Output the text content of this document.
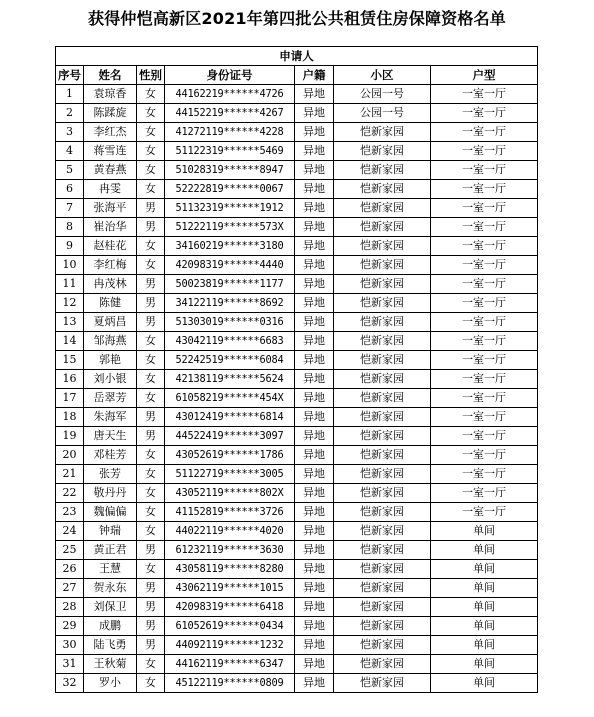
获得仲恺高新区2021年第四批公共租赁住房保障资格名单
申请人						
序号	姓名	性别	身份证号	户籍	小区	户型
1	袁琼香	女	44162219******4726	异地	公园一号	一室一厅
2	陈蹂旋	女	44152219******4267	异地	公园一号	一室一厅
3	李红杰	女	41272119******4228	异地	恺新家园	一室一厅
4	蒋雪连	女	51122319******5469	异地	恺新家园	一室一厅
5	黄春燕	女	51028319******8947	异地	恺新家园	一室一厅
6	冉雯	女	52222819******0067	异地	恺新家园	一室一厅
7	张海平	男	51132319******1912	异地	恺新家园	一室一厅
8	崔治华	男	51222119******573X	异地	恺新家园	一室一厅
9	赵桂花	女	34160219******3180	异地	恺新家园	一室一厅
10	李红梅	女	42098319******4440	异地	恺新家园	一室一厅
11	冉茂林	男	50023819******1177	异地	恺新家园	一室一厅
12	陈健	男	34122119******8692	异地	恺新家园	一室一厅
13	夏炳昌	男	51303019******0316	异地	恺新家园	一室一厅
14	邹海燕	女	43042119******6683	异地	恺新家园	一室一厅
15	郭艳	女	52242519******6084	异地	恺新家园	一室一厅
16	刘小银	女	42138119******5624	异地	恺新家园	一室一厅
17	岳翠芳	女	61058219******454X	异地	恺新家园	一室一厅
18	朱海军	男	43012419******6814	异地	恺新家园	一室一厅
19	唐天生	男	44522419******3097	异地	恺新家园	一室一厅
20	邓桂芳	女	43052619******1786	异地	恺新家园	一室一厅
21	张芳	女	51122719******3005	异地	恺新家园	一室一厅
22	敬丹丹	女	43052119******802X	异地	恺新家园	一室一厅
23	魏偏偏	女	41152819******3726	异地	恺新家园	一室一厅
24	钟瑞	女	44022119******4020	异地	恺新家园	单间
25	黄正君	男	61232119******3630	异地	恺新家园	单间
26	王慧	女	43058119******8280	异地	恺新家园	单间
27	贺永东	男	43062119******1015	异地	恺新家园	单间
28	刘保卫	男	42098319******6418	异地	恺新家园	单间
29	成鹏	男	61052619******0434	异地	恺新家园	单间
30	陆飞勇	男	44092119******1232	异地	恺新家园	单间
31	王秋菊	女	44162119******6347	异地	恺新家园	单间
32	罗小	女	45122119******0809	异地	恺新家园	单间
